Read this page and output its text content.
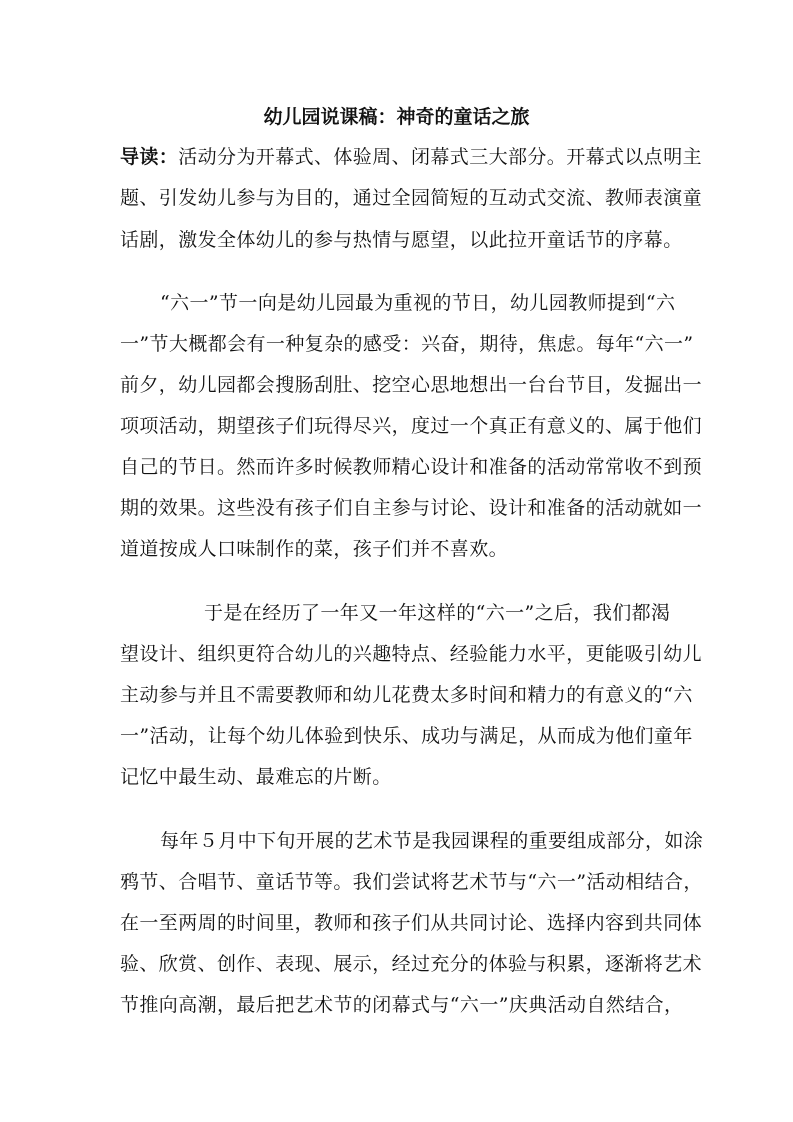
幼儿园说课稿：神奇的童话之旅
导读：活动分为开幕式、体验周、闭幕式三大部分。开幕式以点明主
题、引发幼儿参与为目的，通过全园简短的互动式交流、教师表演童
话剧，激发全体幼儿的参与热情与愿望，以此拉开童话节的序幕。
“六一”节一向是幼儿园最为重视的节日，幼儿园教师提到“六
一”节大概都会有一种复杂的感受：兴奋，期待，焦虑。每年“六一”
前夕，幼儿园都会搜肠刮肚、挖空心思地想出一台台节目，发掘出一
项项活动，期望孩子们玩得尽兴，度过一个真正有意义的、属于他们
自己的节日。然而许多时候教师精心设计和准备的活动常常收不到预
期的效果。这些没有孩子们自主参与讨论、设计和准备的活动就如一
道道按成人口味制作的菜，孩子们并不喜欢。
于是在经历了一年又一年这样的“六一”之后，我们都渴
望设计、组织更符合幼儿的兴趣特点、经验能力水平，更能吸引幼儿
主动参与并且不需要教师和幼儿花费太多时间和精力的有意义的“六
一”活动，让每个幼儿体验到快乐、成功与满足，从而成为他们童年
记忆中最生动、最难忘的片断。
每年５月中下旬开展的艺术节是我园课程的重要组成部分，如涂
鸦节、合唱节、童话节等。我们尝试将艺术节与“六一”活动相结合，
在一至两周的时间里，教师和孩子们从共同讨论、选择内容到共同体
验、欣赏、创作、表现、展示，经过充分的体验与积累，逐渐将艺术
节推向高潮，最后把艺术节的闭幕式与“六一”庆典活动自然结合，
